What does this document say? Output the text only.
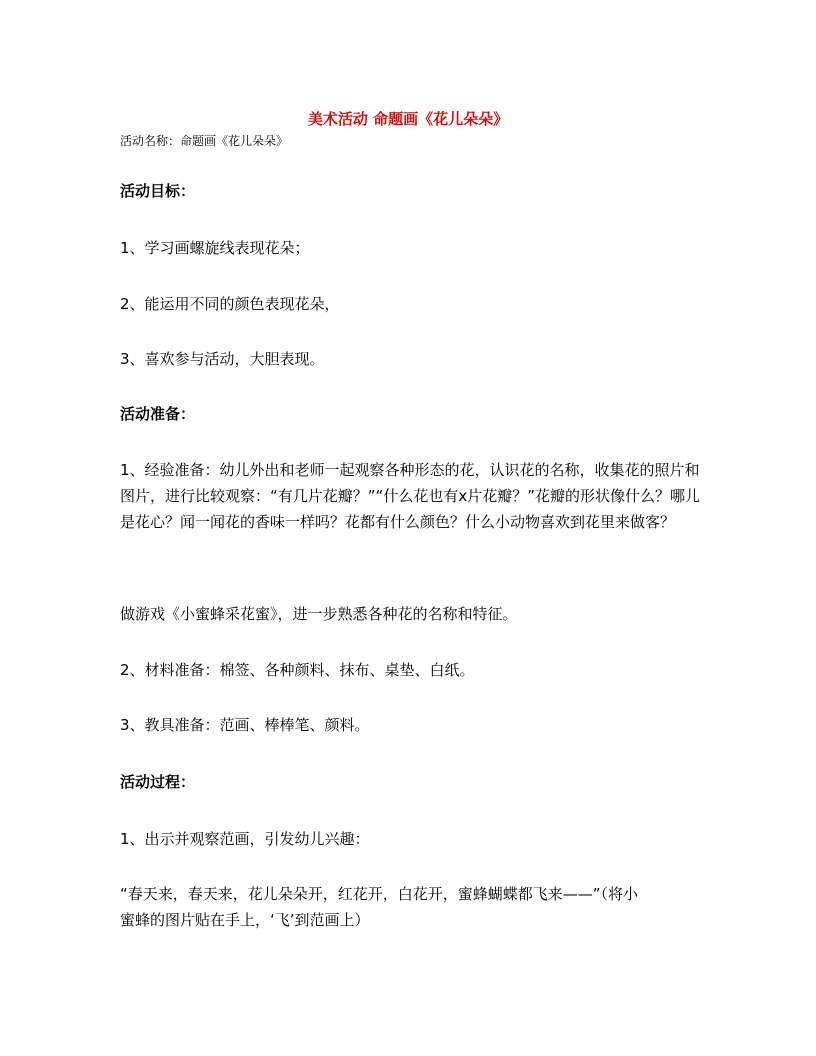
美术活动 命题画《花儿朵朵》
活动名称：命题画《花儿朵朵》
活动目标：
1、学习画螺旋线表现花朵；
2、能运用不同的颜色表现花朵，
3、喜欢参与活动，大胆表现。
活动准备：
1、经验准备：幼儿外出和老师一起观察各种形态的花，认识花的名称，收集花的照片和图片，进行比较观察：“有几片花瓣？”“什么花也有x片花瓣？”花瓣的形状像什么？哪儿是花心？闻一闻花的香味一样吗？花都有什么颜色？什么小动物喜欢到花里来做客？
做游戏《小蜜蜂采花蜜》，进一步熟悉各种花的名称和特征。
2、材料准备：棉签、各种颜料、抹布、桌垫、白纸。
3、教具准备：范画、棒棒笔、颜料。
活动过程：
1、出示并观察范画，引发幼儿兴趣：
“春天来，春天来，花儿朵朵开，红花开，白花开，蜜蜂蝴蝶都飞来——”（将小蜜蜂的图片贴在手上，‘飞’到范画上）
